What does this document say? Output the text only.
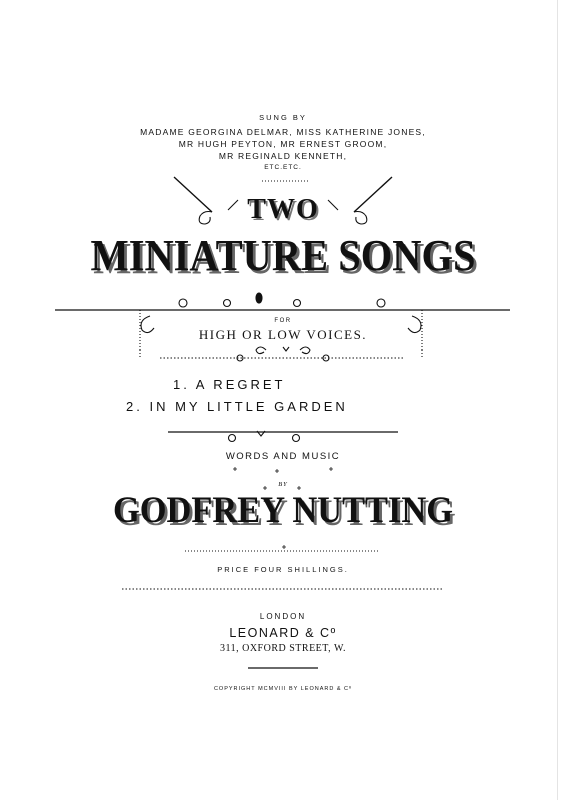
SUNG BY
MADAME GEORGINA DELMAR, MISS KATHERINE JONES,
MR HUGH PEYTON, MR ERNEST GROOM,
MR REGINALD KENNETH,
ETC.ETC.
TWO
MINIATURE SONGS
FOR
HIGH OR LOW VOICES.
1. A REGRET
2. IN MY LITTLE GARDEN
WORDS AND MUSIC
BY
GODFREY NUTTING
PRICE FOUR SHILLINGS.
LONDON
LEONARD & Cº
311, OXFORD STREET, W.
COPYRIGHT MCMVIII BY LEONARD & Cº
